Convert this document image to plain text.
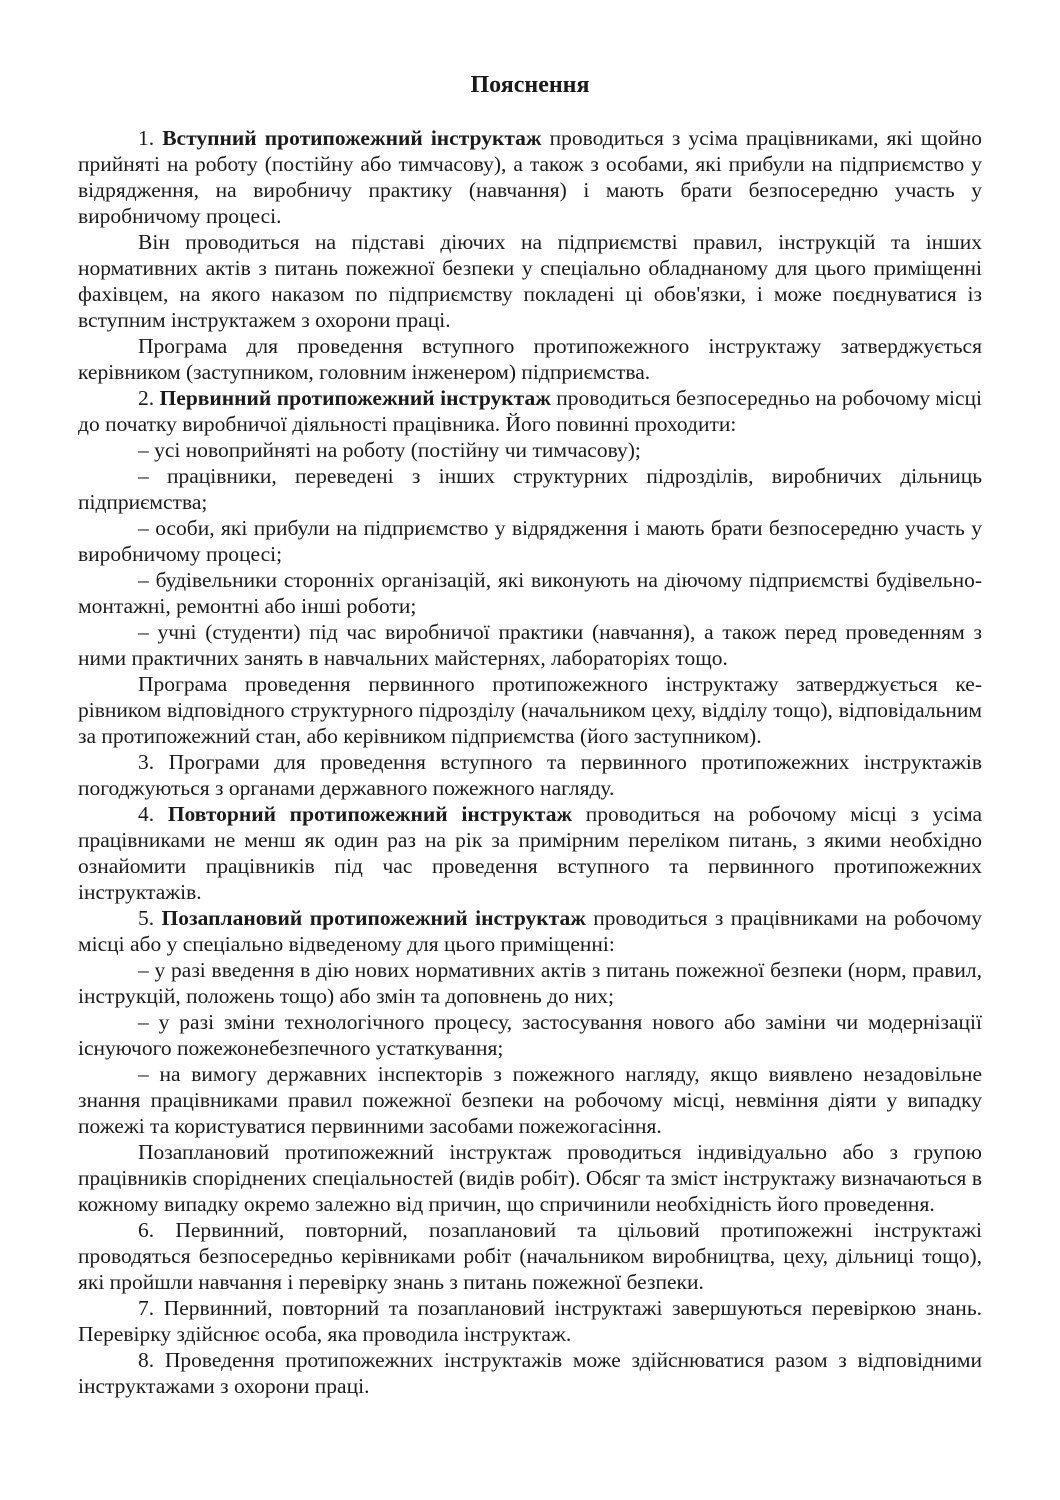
Пояснення

1. Вступний протипожежний інструктаж проводиться з усіма працівниками, які щойно прийняті на роботу (постійну або тимчасову), а також з особами, які прибули на підприємство у відрядження, на виробничу практику (навчання) і мають брати безпосередню участь у виробничому процесі.

Він проводиться на підставі діючих на підприємстві правил, інструкцій та інших нормативних актів з питань пожежної безпеки у спеціально обладнаному для цього приміщенні фахівцем, на якого наказом по підприємству покладені ці обов'язки, і може поєднуватися із вступним інструктажем з охорони праці.

Програма для проведення вступного протипожежного інструктажу затверджується керівником (заступником, головним інженером) підприємства.

2. Первинний протипожежний інструктаж проводиться безпосередньо на робочому місці до початку виробничої діяльності працівника. Його повинні проходити:

– усі новоприйняті на роботу (постійну чи тимчасову);

– працівники, переведені з інших структурних підрозділів, виробничих дільниць підприємства;

– особи, які прибули на підприємство у відрядження і мають брати безпосередню участь у виробничому процесі;

– будівельники сторонніх організацій, які виконують на діючому підприємстві будівельно-монтажні, ремонтні або інші роботи;

– учні (студенти) під час виробничої практики (навчання), а також перед проведенням з ними практичних занять в навчальних майстернях, лабораторіях тощо.

Програма проведення первинного протипожежного інструктажу затверджується керівником відповідного структурного підрозділу (начальником цеху, відділу тощо), відповідальним за протипожежний стан, або керівником підприємства (його заступником).

3. Програми для проведення вступного та первинного протипожежних інструктажів погоджуються з органами державного пожежного нагляду.

4. Повторний протипожежний інструктаж проводиться на робочому місці з усіма працівниками не менш як один раз на рік за примірним переліком питань, з якими необхідно ознайомити працівників під час проведення вступного та первинного протипожежних інструктажів.

5. Позаплановий протипожежний інструктаж проводиться з працівниками на робочому місці або у спеціально відведеному для цього приміщенні:

– у разі введення в дію нових нормативних актів з питань пожежної безпеки (норм, правил, інструкцій, положень тощо) або змін та доповнень до них;

– у разі зміни технологічного процесу, застосування нового або заміни чи модернізації існуючого пожежонебезпечного устаткування;

– на вимогу державних інспекторів з пожежного нагляду, якщо виявлено незадовільне знання працівниками правил пожежної безпеки на робочому місці, невміння діяти у випадку пожежі та користуватися первинними засобами пожежогасіння.

Позаплановий протипожежний інструктаж проводиться індивідуально або з групою працівників споріднених спеціальностей (видів робіт). Обсяг та зміст інструктажу визначаються в кожному випадку окремо залежно від причин, що спричинили необхідність його проведення.

6. Первинний, повторний, позаплановий та цільовий протипожежні інструктажі проводяться безпосередньо керівниками робіт (начальником виробництва, цеху, дільниці тощо), які пройшли навчання і перевірку знань з питань пожежної безпеки.

7. Первинний, повторний та позаплановий інструктажі завершуються перевіркою знань. Перевірку здійснює особа, яка проводила інструктаж.

8. Проведення протипожежних інструктажів може здійснюватися разом з відповідними інструктажами з охорони праці.
